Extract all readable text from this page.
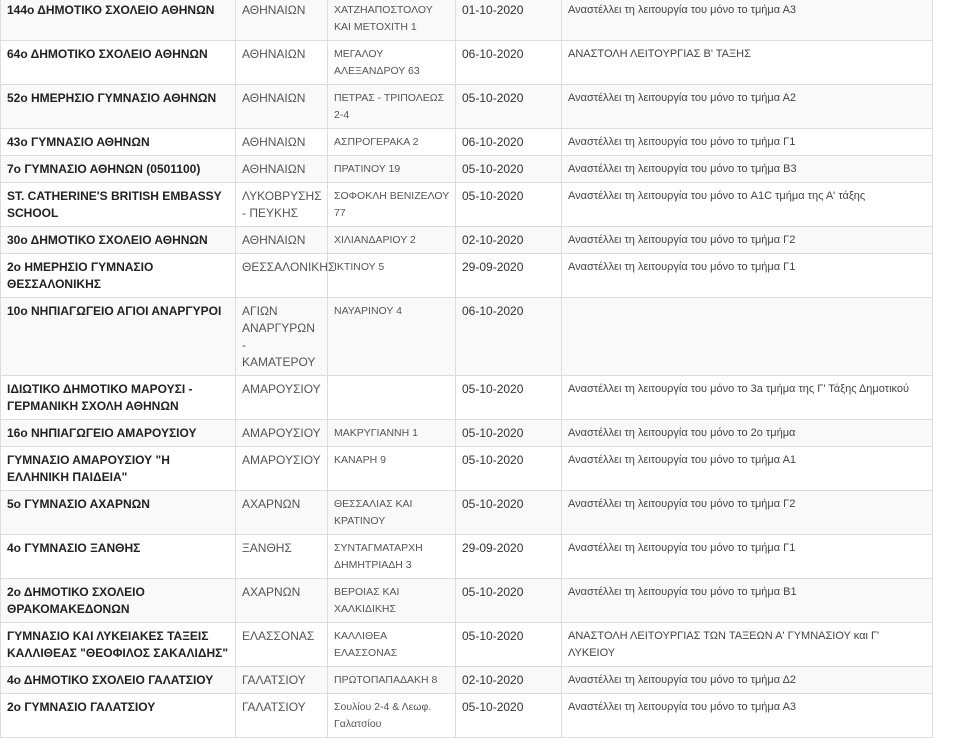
144ο ΔΗΜΟΤΙΚΟ ΣΧΟΛΕΙΟ ΑΘΗΝΩΝ	ΑΘΗΝΑΙΩΝ	ΧΑΤΖΗΑΠΟΣΤΟΛΟΥ ΚΑΙ ΜΕΤΟΧΙΤΗ 1	01-10-2020	Αναστέλλει τη λειτουργία του μόνο το τμήμα Α3
64ο ΔΗΜΟΤΙΚΟ ΣΧΟΛΕΙΟ ΑΘΗΝΩΝ	ΑΘΗΝΑΙΩΝ	ΜΕΓΑΛΟΥ ΑΛΕΞΑΝΔΡΟΥ 63	06-10-2020	ΑΝΑΣΤΟΛΗ ΛΕΙΤΟΥΡΓΙΑΣ Β' ΤΑΞΗΣ
52ο ΗΜΕΡΗΣΙΟ ΓΥΜΝΑΣΙΟ ΑΘΗΝΩΝ	ΑΘΗΝΑΙΩΝ	ΠΕΤΡΑΣ - ΤΡΙΠΟΛΕΩΣ 2-4	05-10-2020	Αναστέλλει τη λειτουργία του μόνο το τμήμα Α2
43ο ΓΥΜΝΑΣΙΟ ΑΘΗΝΩΝ	ΑΘΗΝΑΙΩΝ	ΑΣΠΡΟΓΕΡΑΚΑ 2	06-10-2020	Αναστέλλει τη λειτουργία του μόνο το τμήμα Γ1
7ο ΓΥΜΝΑΣΙΟ ΑΘΗΝΩΝ (0501100)	ΑΘΗΝΑΙΩΝ	ΠΡΑΤΙΝΟΥ 19	05-10-2020	Αναστέλλει τη λειτουργία του μόνο το τμήμα Β3
ST. CATHERINE'S BRITISH EMBASSY SCHOOL	ΛΥΚΟΒΡΥΣΗΣ - ΠΕΥΚΗΣ	ΣΟΦΟΚΛΗ ΒΕΝΙΖΕΛΟΥ 77	05-10-2020	Αναστέλλει τη λειτουργία του μόνο το A1C τμήμα της Α' τάξης
30ο ΔΗΜΟΤΙΚΟ ΣΧΟΛΕΙΟ ΑΘΗΝΩΝ	ΑΘΗΝΑΙΩΝ	ΧΙΛΙΑΝΔΑΡΙΟΥ 2	02-10-2020	Αναστέλλει τη λειτουργία του μόνο το τμήμα Γ2
2ο ΗΜΕΡΗΣΙΟ ΓΥΜΝΑΣΙΟ ΘΕΣΣΑΛΟΝΙΚΗΣ	ΘΕΣΣΑΛΟΝΙΚΗΣ	ΙΚΤΙΝΟΥ 5	29-09-2020	Αναστέλλει τη λειτουργία του μόνο το τμήμα Γ1
10ο ΝΗΠΙΑΓΩΓΕΙΟ ΑΓΙΟΙ ΑΝΑΡΓΥΡΟΙ	ΑΓΙΩΝ ΑΝΑΡΓΥΡΩΝ - ΚΑΜΑΤΕΡΟΥ	ΝΑΥΑΡΙΝΟΥ 4	06-10-2020	
ΙΔΙΩΤΙΚΟ ΔΗΜΟΤΙΚΟ ΜΑΡΟΥΣΙ - ΓΕΡΜΑΝΙΚΗ ΣΧΟΛΗ ΑΘΗΝΩΝ	ΑΜΑΡΟΥΣΙΟΥ		05-10-2020	Αναστέλλει τη λειτουργία του μόνο το 3a τμήμα της Γ' Τάξης Δημοτικού
16ο ΝΗΠΙΑΓΩΓΕΙΟ ΑΜΑΡΟΥΣΙΟΥ	ΑΜΑΡΟΥΣΙΟΥ	ΜΑΚΡΥΓΙΑΝΝΗ 1	05-10-2020	Αναστέλλει τη λειτουργία του μόνο το 2ο τμήμα
ΓΥΜΝΑΣΙΟ ΑΜΑΡΟΥΣΙΟΥ "Η ΕΛΛΗΝΙΚΗ ΠΑΙΔΕΙΑ"	ΑΜΑΡΟΥΣΙΟΥ	ΚΑΝΑΡΗ 9	05-10-2020	Αναστέλλει τη λειτουργία του μόνο το τμήμα Α1
5ο ΓΥΜΝΑΣΙΟ ΑΧΑΡΝΩΝ	ΑΧΑΡΝΩΝ	ΘΕΣΣΑΛΙΑΣ ΚΑΙ ΚΡΑΤΙΝΟΥ	05-10-2020	Αναστέλλει τη λειτουργία του μόνο το τμήμα Γ2
4ο ΓΥΜΝΑΣΙΟ ΞΑΝΘΗΣ	ΞΑΝΘΗΣ	ΣΥΝΤΑΓΜΑΤΑΡΧΗ ΔΗΜΗΤΡΙΑΔΗ 3	29-09-2020	Αναστέλλει τη λειτουργία του μόνο το τμήμα Γ1
2ο ΔΗΜΟΤΙΚΟ ΣΧΟΛΕΙΟ ΘΡΑΚΟΜΑΚΕΔΟΝΩΝ	ΑΧΑΡΝΩΝ	ΒΕΡΟΙΑΣ ΚΑΙ ΧΑΛΚΙΔΙΚΗΣ	05-10-2020	Αναστέλλει τη λειτουργία του μόνο το τμήμα Β1
ΓΥΜΝΑΣΙΟ ΚΑΙ ΛΥΚΕΙΑΚΕΣ ΤΑΞΕΙΣ ΚΑΛΛΙΘΕΑΣ "ΘΕΟΦΙΛΟΣ ΣΑΚΑΛΙΔΗΣ"	ΕΛΑΣΣΟΝΑΣ	ΚΑΛΛΙΘΕΑ ΕΛΑΣΣΟΝΑΣ	05-10-2020	ΑΝΑΣΤΟΛΗ ΛΕΙΤΟΥΡΓΙΑΣ ΤΩΝ ΤΑΞΕΩΝ Α' ΓΥΜΝΑΣΙΟΥ και Γ' ΛΥΚΕΙΟΥ
4ο ΔΗΜΟΤΙΚΟ ΣΧΟΛΕΙΟ ΓΑΛΑΤΣΙΟΥ	ΓΑΛΑΤΣΙΟΥ	ΠΡΩΤΟΠΑΠΑΔΑΚΗ 8	02-10-2020	Αναστέλλει τη λειτουργία του μόνο το τμήμα Δ2
2ο ΓΥΜΝΑΣΙΟ ΓΑΛΑΤΣΙΟΥ	ΓΑΛΑΤΣΙΟΥ	Σουλίου 2-4 & Λεωφ. Γαλατσίου	05-10-2020	Αναστέλλει τη λειτουργία του μόνο το τμήμα Α3
